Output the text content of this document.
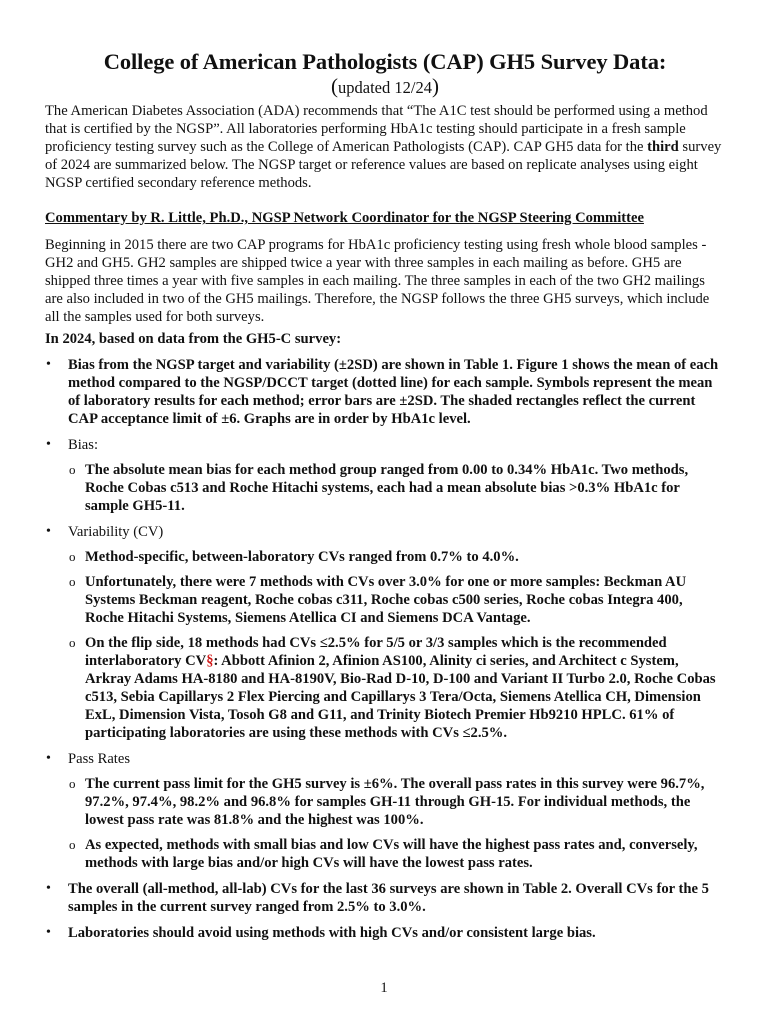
College of American Pathologists (CAP) GH5 Survey Data:
(updated 12/24)

The American Diabetes Association (ADA) recommends that “The A1C test should be performed using a method that is certified by the NGSP”. All laboratories performing HbA1c testing should participate in a fresh sample proficiency testing survey such as the College of American Pathologists (CAP). CAP GH5 data for the third survey of 2024 are summarized below. The NGSP target or reference values are based on replicate analyses using eight NGSP certified secondary reference methods.

Commentary by R. Little, Ph.D., NGSP Network Coordinator for the NGSP Steering Committee

Beginning in 2015 there are two CAP programs for HbA1c proficiency testing using fresh whole blood samples - GH2 and GH5. GH2 samples are shipped twice a year with three samples in each mailing as before. GH5 are shipped three times a year with five samples in each mailing. The three samples in each of the two GH2 mailings are also included in two of the GH5 mailings. Therefore, the NGSP follows the three GH5 surveys, which include all the samples used for both surveys.

In 2024, based on data from the GH5-C survey:

• Bias from the NGSP target and variability (±2SD) are shown in Table 1. Figure 1 shows the mean of each method compared to the NGSP/DCCT target (dotted line) for each sample. Symbols represent the mean of laboratory results for each method; error bars are ±2SD. The shaded rectangles reflect the current CAP acceptance limit of ±6. Graphs are in order by HbA1c level.
• Bias:
o The absolute mean bias for each method group ranged from 0.00 to 0.34% HbA1c. Two methods, Roche Cobas c513 and Roche Hitachi systems, each had a mean absolute bias >0.3% HbA1c for sample GH5-11.
• Variability (CV)
o Method-specific, between-laboratory CVs ranged from 0.7% to 4.0%.
o Unfortunately, there were 7 methods with CVs over 3.0% for one or more samples: Beckman AU Systems Beckman reagent, Roche cobas c311, Roche cobas c500 series, Roche cobas Integra 400, Roche Hitachi Systems, Siemens Atellica CI and Siemens DCA Vantage.
o On the flip side, 18 methods had CVs ≤2.5% for 5/5 or 3/3 samples which is the recommended interlaboratory CV§: Abbott Afinion 2, Afinion AS100, Alinity ci series, and Architect c System, Arkray Adams HA-8180 and HA-8190V, Bio-Rad D-10, D-100 and Variant II Turbo 2.0, Roche Cobas c513, Sebia Capillarys 2 Flex Piercing and Capillarys 3 Tera/Octa, Siemens Atellica CH, Dimension ExL, Dimension Vista, Tosoh G8 and G11, and Trinity Biotech Premier Hb9210 HPLC. 61% of participating laboratories are using these methods with CVs ≤2.5%.
• Pass Rates
o The current pass limit for the GH5 survey is ±6%. The overall pass rates in this survey were 96.7%, 97.2%, 97.4%, 98.2% and 96.8% for samples GH-11 through GH-15. For individual methods, the lowest pass rate was 81.8% and the highest was 100%.
o As expected, methods with small bias and low CVs will have the highest pass rates and, conversely, methods with large bias and/or high CVs will have the lowest pass rates.
• The overall (all-method, all-lab) CVs for the last 36 surveys are shown in Table 2. Overall CVs for the 5 samples in the current survey ranged from 2.5% to 3.0%.
• Laboratories should avoid using methods with high CVs and/or consistent large bias.
1
